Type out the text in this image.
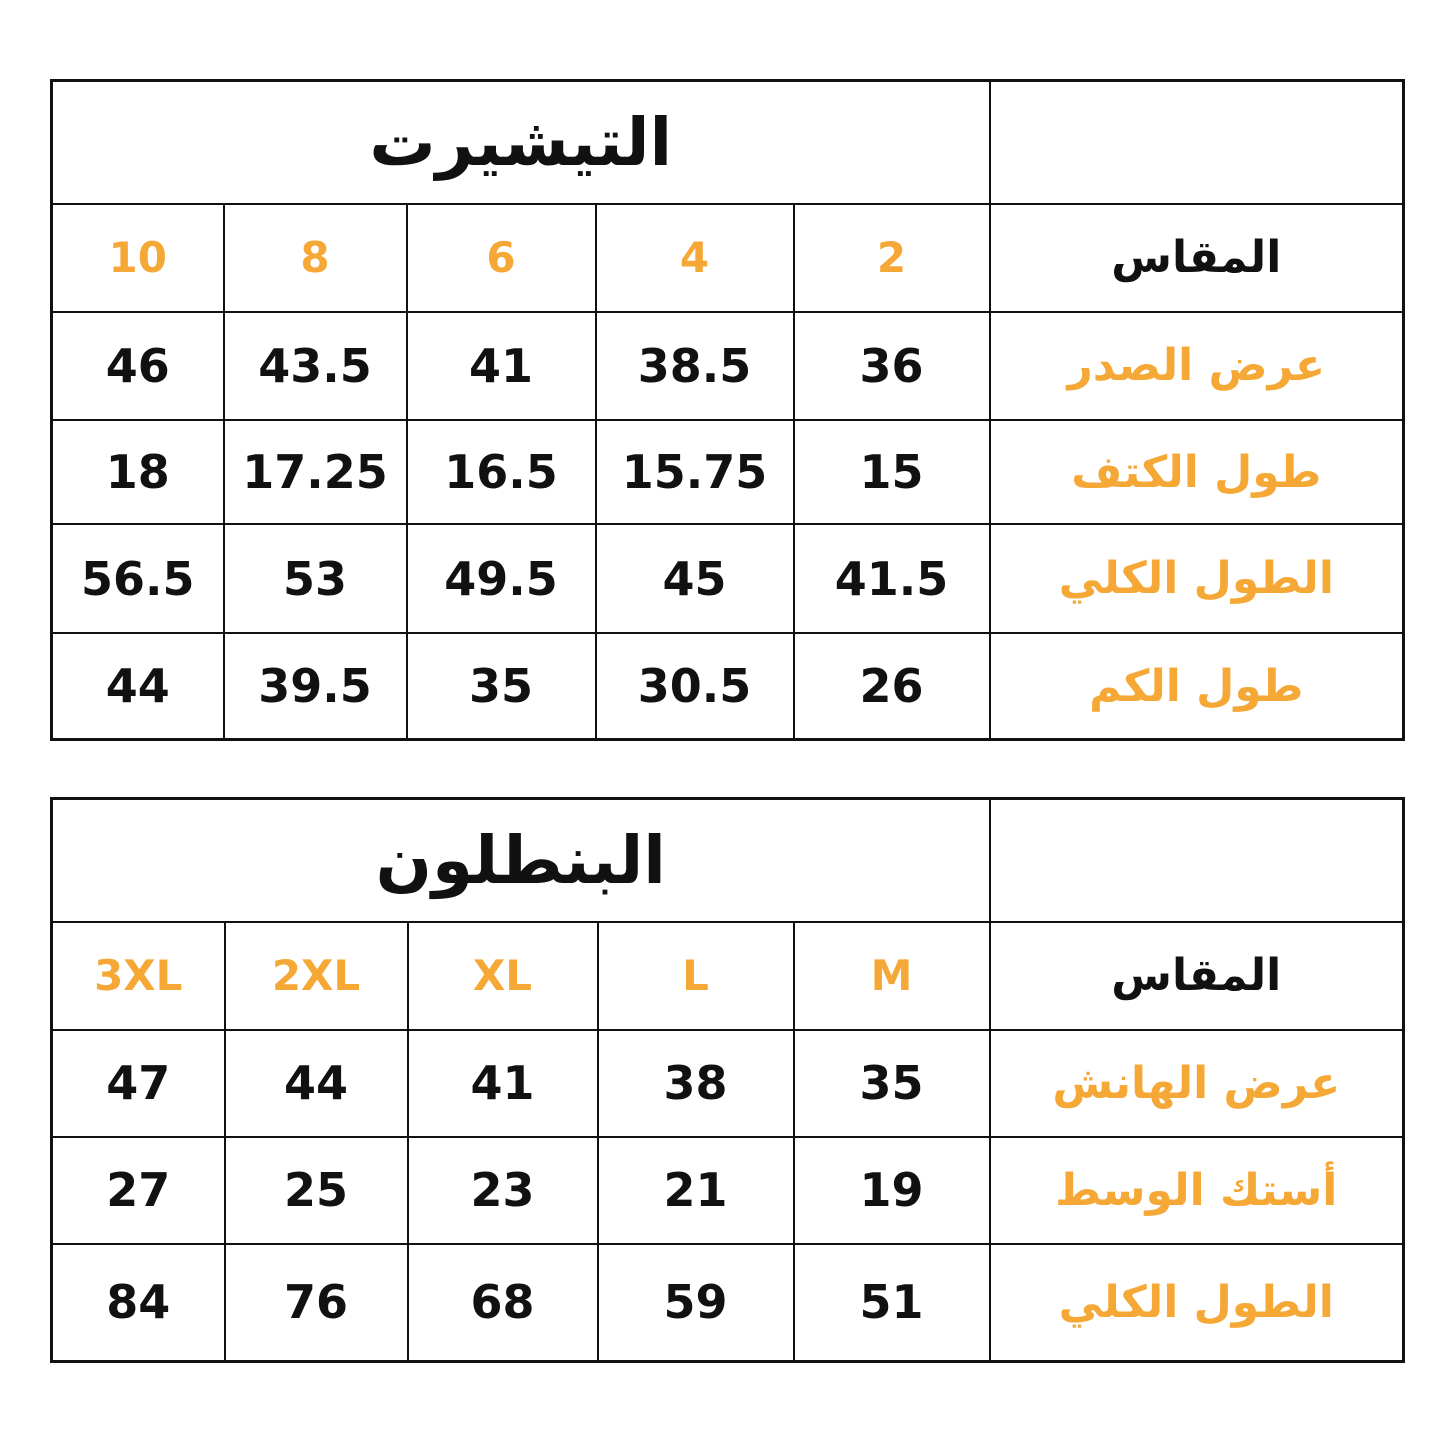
التيشيرت					
10	8	6	4	2	المقاس
46	43.5	41	38.5	36	عرض الصدر
18	17.25	16.5	15.75	15	طول الكتف
56.5	53	49.5	45	41.5	الطول الكلي
44	39.5	35	30.5	26	طول الكم
البنطلون					
3XL	2XL	XL	L	M	المقاس
47	44	41	38	35	عرض الهانش
27	25	23	21	19	أستك الوسط
84	76	68	59	51	الطول الكلي
